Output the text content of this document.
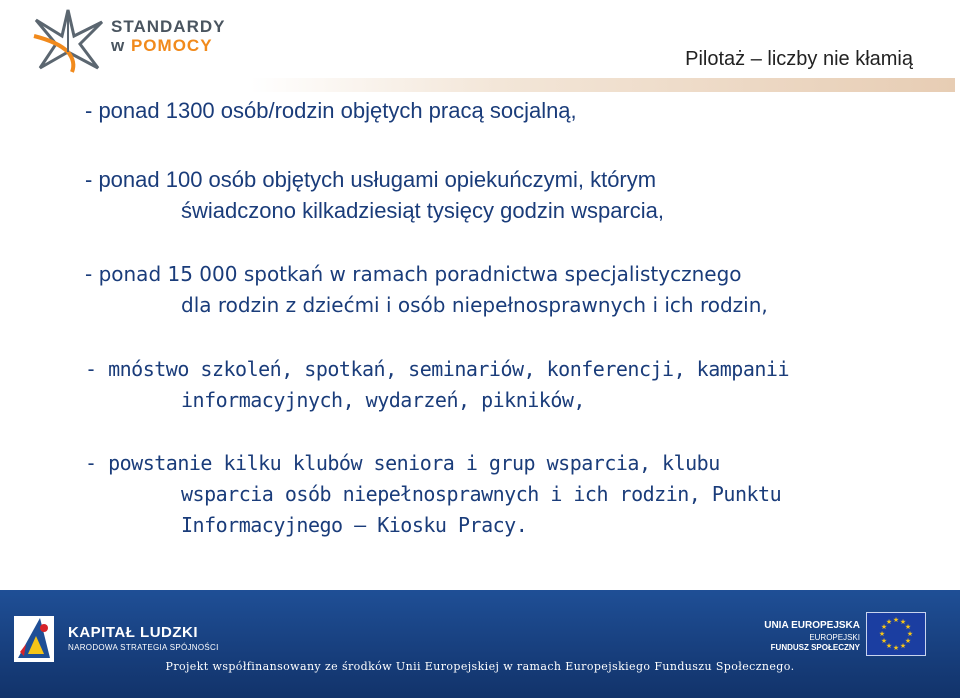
STANDARDY
w POMOCY
Pilotaż – liczby nie kłamią
- ponad 1300 osób/rodzin objętych pracą socjalną,
- ponad 100 osób objętych usługami opiekuńczymi, którym
świadczono kilkadziesiąt tysięcy godzin wsparcia,
- ponad 15 000 spotkań w ramach poradnictwa specjalistycznego
dla rodzin z dziećmi i osób niepełnosprawnych i ich rodzin,
- mnóstwo szkoleń, spotkań, seminariów, konferencji, kampanii
informacyjnych, wydarzeń, pikników,
- powstanie kilku klubów seniora i grup wsparcia, klubu
wsparcia osób niepełnosprawnych i ich rodzin, Punktu
Informacyjnego – Kiosku Pracy.
KAPITAŁ LUDZKI
NARODOWA STRATEGIA SPÓJNOŚCI
UNIA EUROPEJSKA
EUROPEJSKI
FUNDUSZ SPOŁECZNY
★ ★
★
★
★
★
★
★
★
★
★
★
Projekt współfinansowany ze środków Unii Europejskiej w ramach Europejskiego Funduszu Społecznego.
